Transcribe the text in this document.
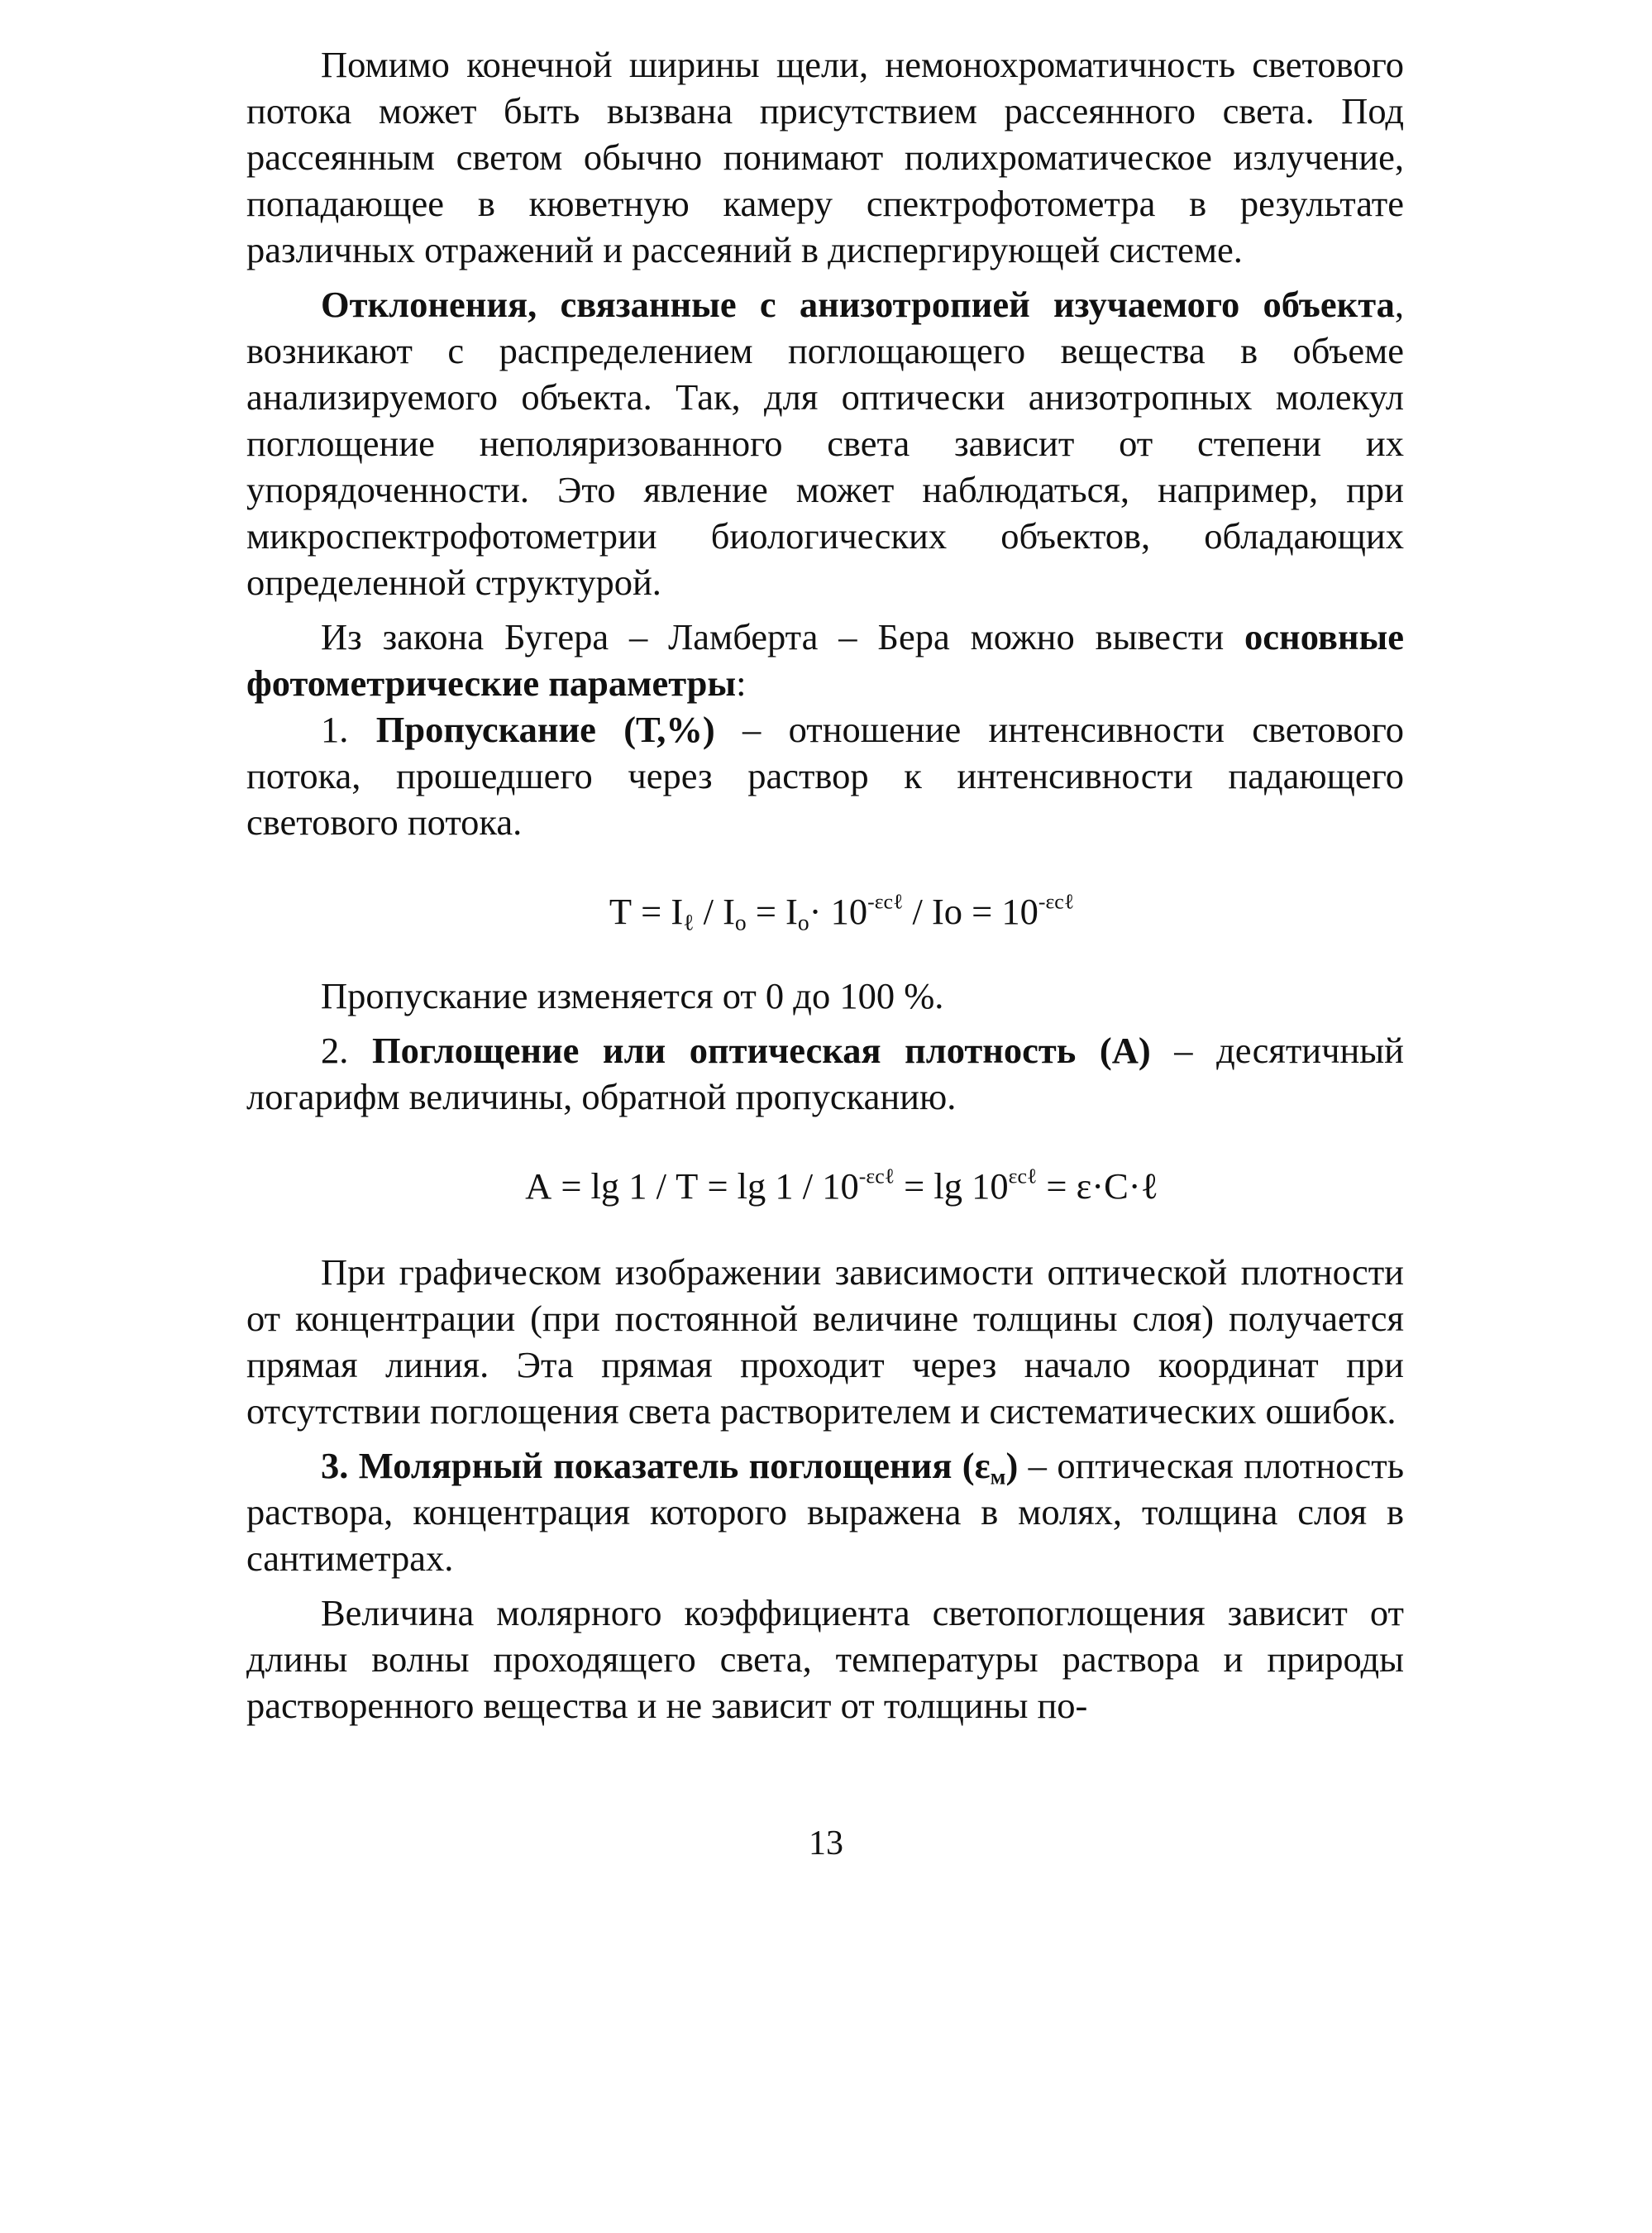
Помимо конечной ширины щели, немонохроматичность светового потока может быть вызвана присутствием рассеянного света. Под рассеянным светом обычно понимают полихроматическое излучение, попадающее в кюветную камеру спектрофотометра в результате различных отражений и рассеяний в диспергирующей системе.

Отклонения, связанные с анизотропией изучаемого объекта, возникают с распределением поглощающего вещества в объеме анализируемого объекта. Так, для оптически анизотропных молекул поглощение неполяризованного света зависит от степени их упорядоченности. Это явление может наблюдаться, например, при микроспектрофотометрии биологических объектов, обладающих определенной структурой.

Из закона Бугера – Ламберта – Бера можно вывести основные фотометрические параметры:

1. Пропускание (Т,%) – отношение интенсивности светового потока, прошедшего через раствор к интенсивности падающего светового потока.

$Т = I_\ell / I_o = I_o\cdot 10^{-\varepsilon c\ell} / Io = 10^{-\varepsilon c\ell}$

Пропускание изменяется от 0 до 100 %.

2. Поглощение или оптическая плотность (А) – десятичный логарифм величины, обратной пропусканию.

$А = \lg 1 / Т = \lg 1 / 10^{-\varepsilon c\ell} = \lg 10^{\varepsilon c\ell}$ = ε·C·ℓ

При графическом изображении зависимости оптической плотности от концентрации (при постоянной величине толщины слоя) получается прямая линия. Эта прямая проходит через начало координат при отсутствии поглощения света растворителем и систематических ошибок.

3. Молярный показатель поглощения $(\varepsilon_м)$ – оптическая плотность раствора, концентрация которого выражена в молях, толщина слоя в сантиметрах.

Величина молярного коэффициента светопоглощения зависит от длины волны проходящего света, температуры раствора и природы растворенного вещества и не зависит от толщины по-

13
